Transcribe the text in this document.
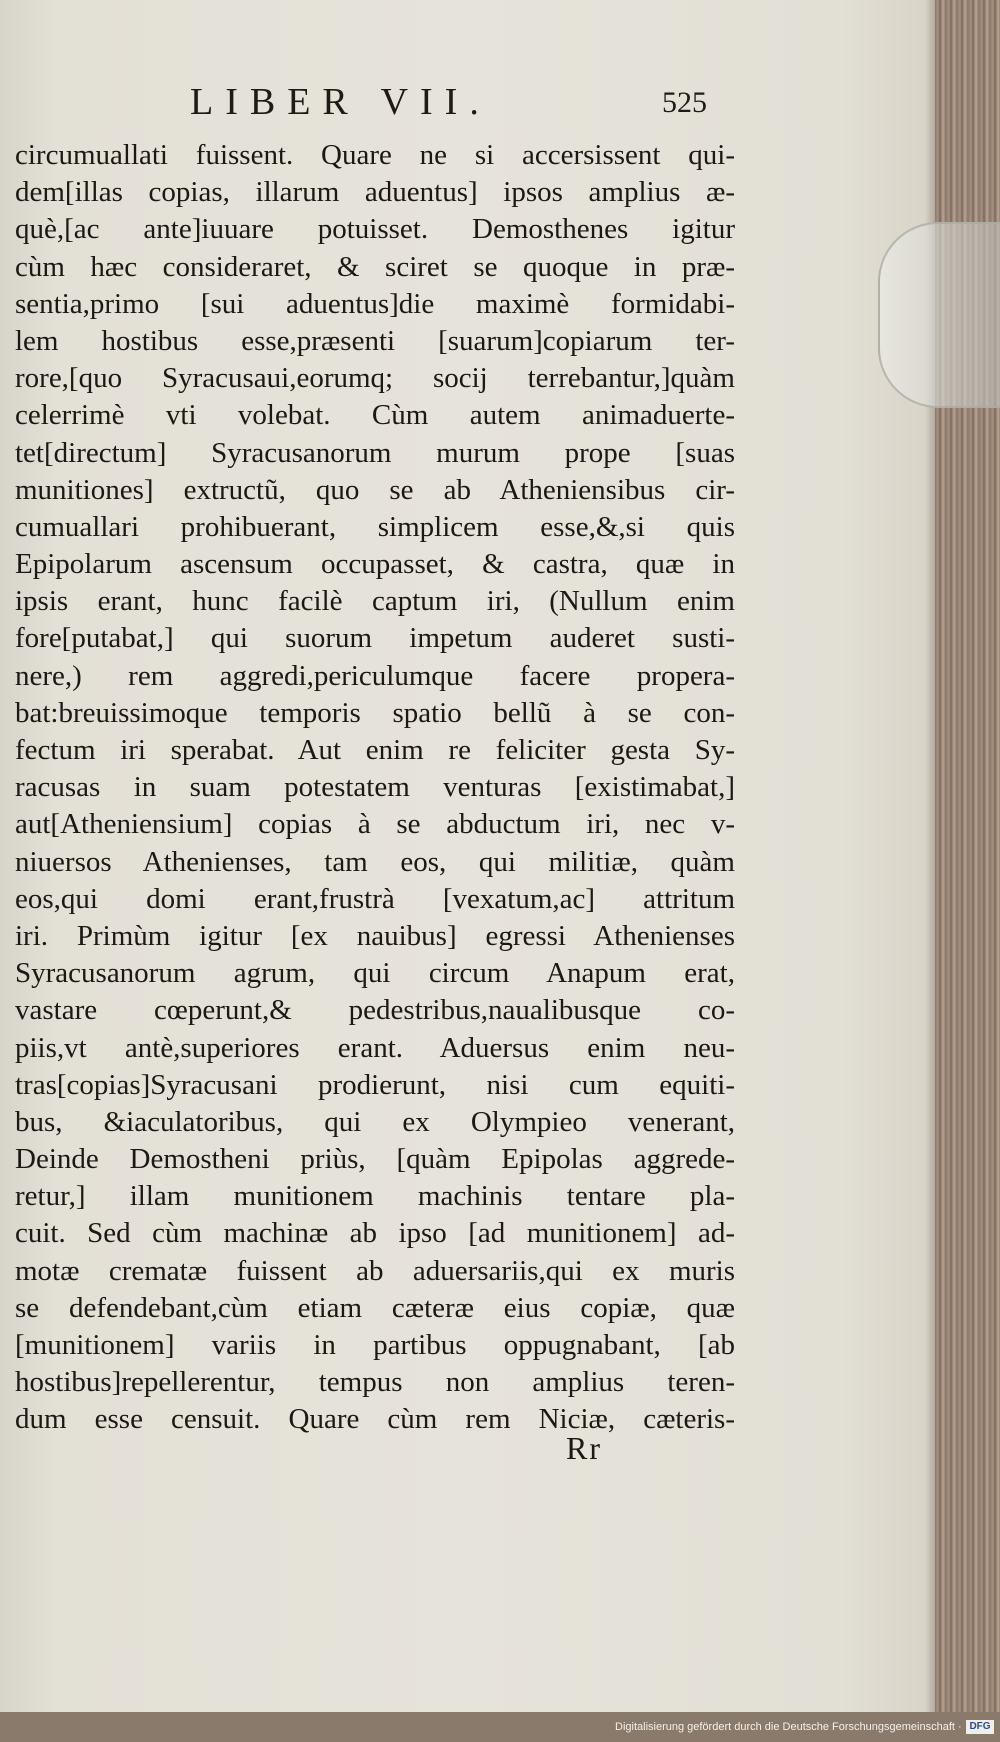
LIBER VII.	525
circumuallati fuissent. Quare ne si accersissent qui-
dem[illas copias, illarum aduentus] ipsos amplius æ-
què,[ac ante]iuuare potuisset. Demosthenes igitur
cùm hæc consideraret, & sciret se quoque in præ-
sentia,primo [sui aduentus]die maximè formidabi-
lem hostibus esse,præsenti [suarum]copiarum ter-
rore,[quo Syracusaui,eorumq; socij terrebantur,]quàm
celerrimè vti volebat. Cùm autem animaduerte-
tet[directum] Syracusanorum murum prope [suas
munitiones] extructũ, quo se ab Atheniensibus cir-
cumuallari prohibuerant, simplicem esse,&,si quis
Epipolarum ascensum occupasset, & castra, quæ in
ipsis erant, hunc facilè captum iri, (Nullum enim
fore[putabat,] qui suorum impetum auderet susti-
nere,) rem aggredi,periculumque facere propera-
bat:breuissimoque temporis spatio bellũ à se con-
fectum iri sperabat. Aut enim re feliciter gesta Sy-
racusas in suam potestatem venturas [existimabat,]
aut[Atheniensium] copias à se abductum iri, nec v-
niuersos Athenienses, tam eos, qui militiæ, quàm
eos,qui domi erant,frustrà [vexatum,ac] attritum
iri. Primùm igitur [ex nauibus] egressi Athenienses
Syracusanorum agrum, qui circum Anapum erat,
vastare cœperunt,& pedestribus,naualibusque co-
piis,vt antè,superiores erant. Aduersus enim neu-
tras[copias]Syracusani prodierunt, nisi cum equiti-
bus, &iaculatoribus, qui ex Olympieo venerant,
Deinde Demostheni priùs, [quàm Epipolas aggrede-
retur,] illam munitionem machinis tentare pla-
cuit. Sed cùm machinæ ab ipso [ad munitionem] ad-
motæ crematæ fuissent ab aduersariis,qui ex muris
se defendebant,cùm etiam cæteræ eius copiæ, quæ
[munitionem] variis in partibus oppugnabant, [ab
hostibus]repellerentur, tempus non amplius teren-
dum esse censuit. Quare cùm rem Niciæ, cæteris-
Rr
Digitalisierung gefördert durch die Deutsche Forschungsgemeinschaft · DFG
